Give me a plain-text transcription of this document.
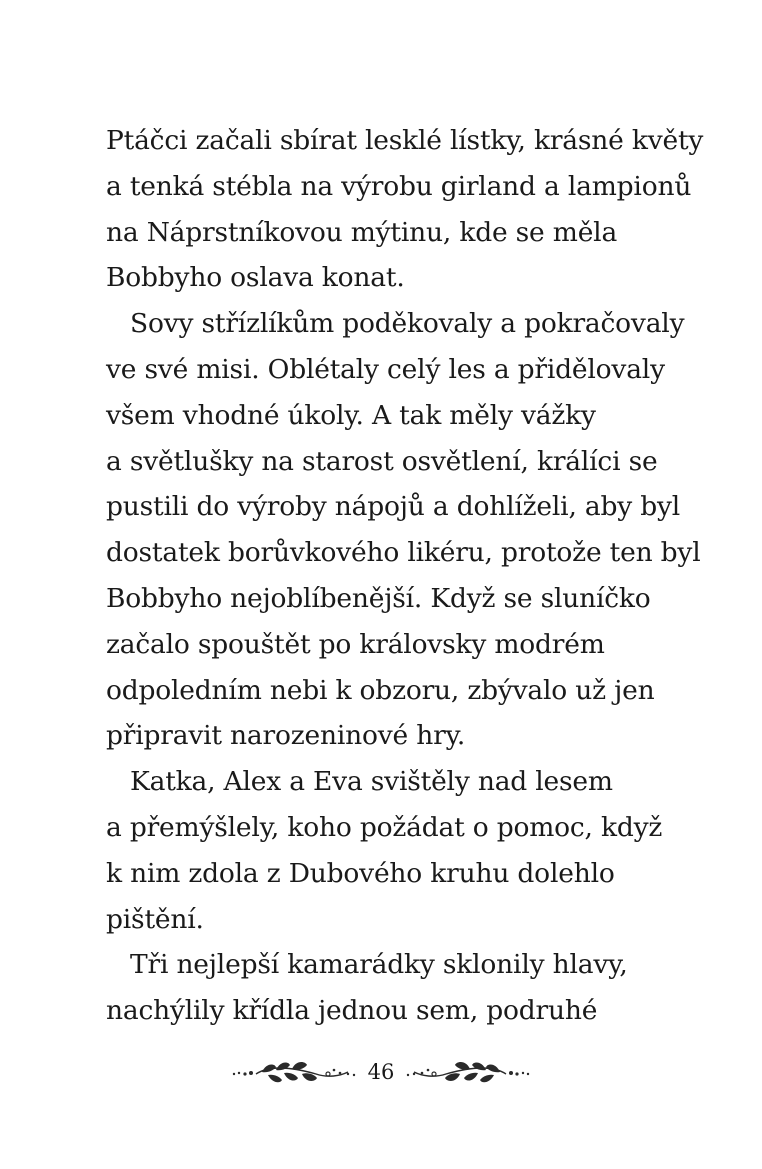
Ptáčci začali sbírat lesklé lístky, krásné květy
a tenká stébla na výrobu girland a lampionů
na Náprstníkovou mýtinu, kde se měla
Bobbyho oslava konat.
Sovy střízlíkům poděkovaly a pokračovaly
ve své misi. Oblétaly celý les a přidělovaly
všem vhodné úkoly. A tak měly vážky
a světlušky na starost osvětlení, králíci se
pustili do výroby nápojů a dohlíželi, aby byl
dostatek borůvkového likéru, protože ten byl
Bobbyho nejoblíbenější. Když se sluníčko
začalo spouštět po královsky modrém
odpoledním nebi k obzoru, zbývalo už jen
připravit narozeninové hry.
Katka, Alex a Eva svištěly nad lesem
a přemýšlely, koho požádat o pomoc, když
k nim zdola z Dubového kruhu dolehlo
pištění.
Tři nejlepší kamarádky sklonily hlavy,
nachýlily křídla jednou sem, podruhé
46
